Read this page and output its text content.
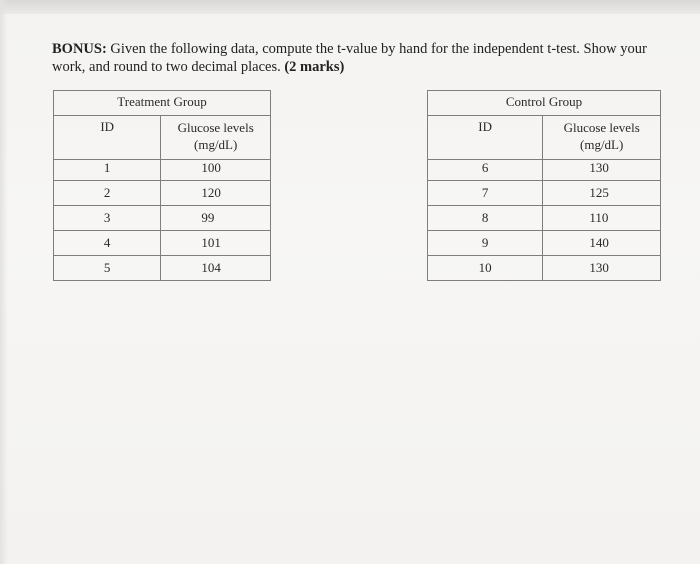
BONUS: Given the following data, compute the t-value by hand for the independent t-test. Show your work, and round to two decimal places. (2 marks)
Treatment Group	
ID	Glucose levels
(mg/dL)

1	100
2	120
3	99
4	101
5	104
Control Group	
ID	Glucose levels
(mg/dL)

6	130
7	125
8	110
9	140
10	130
